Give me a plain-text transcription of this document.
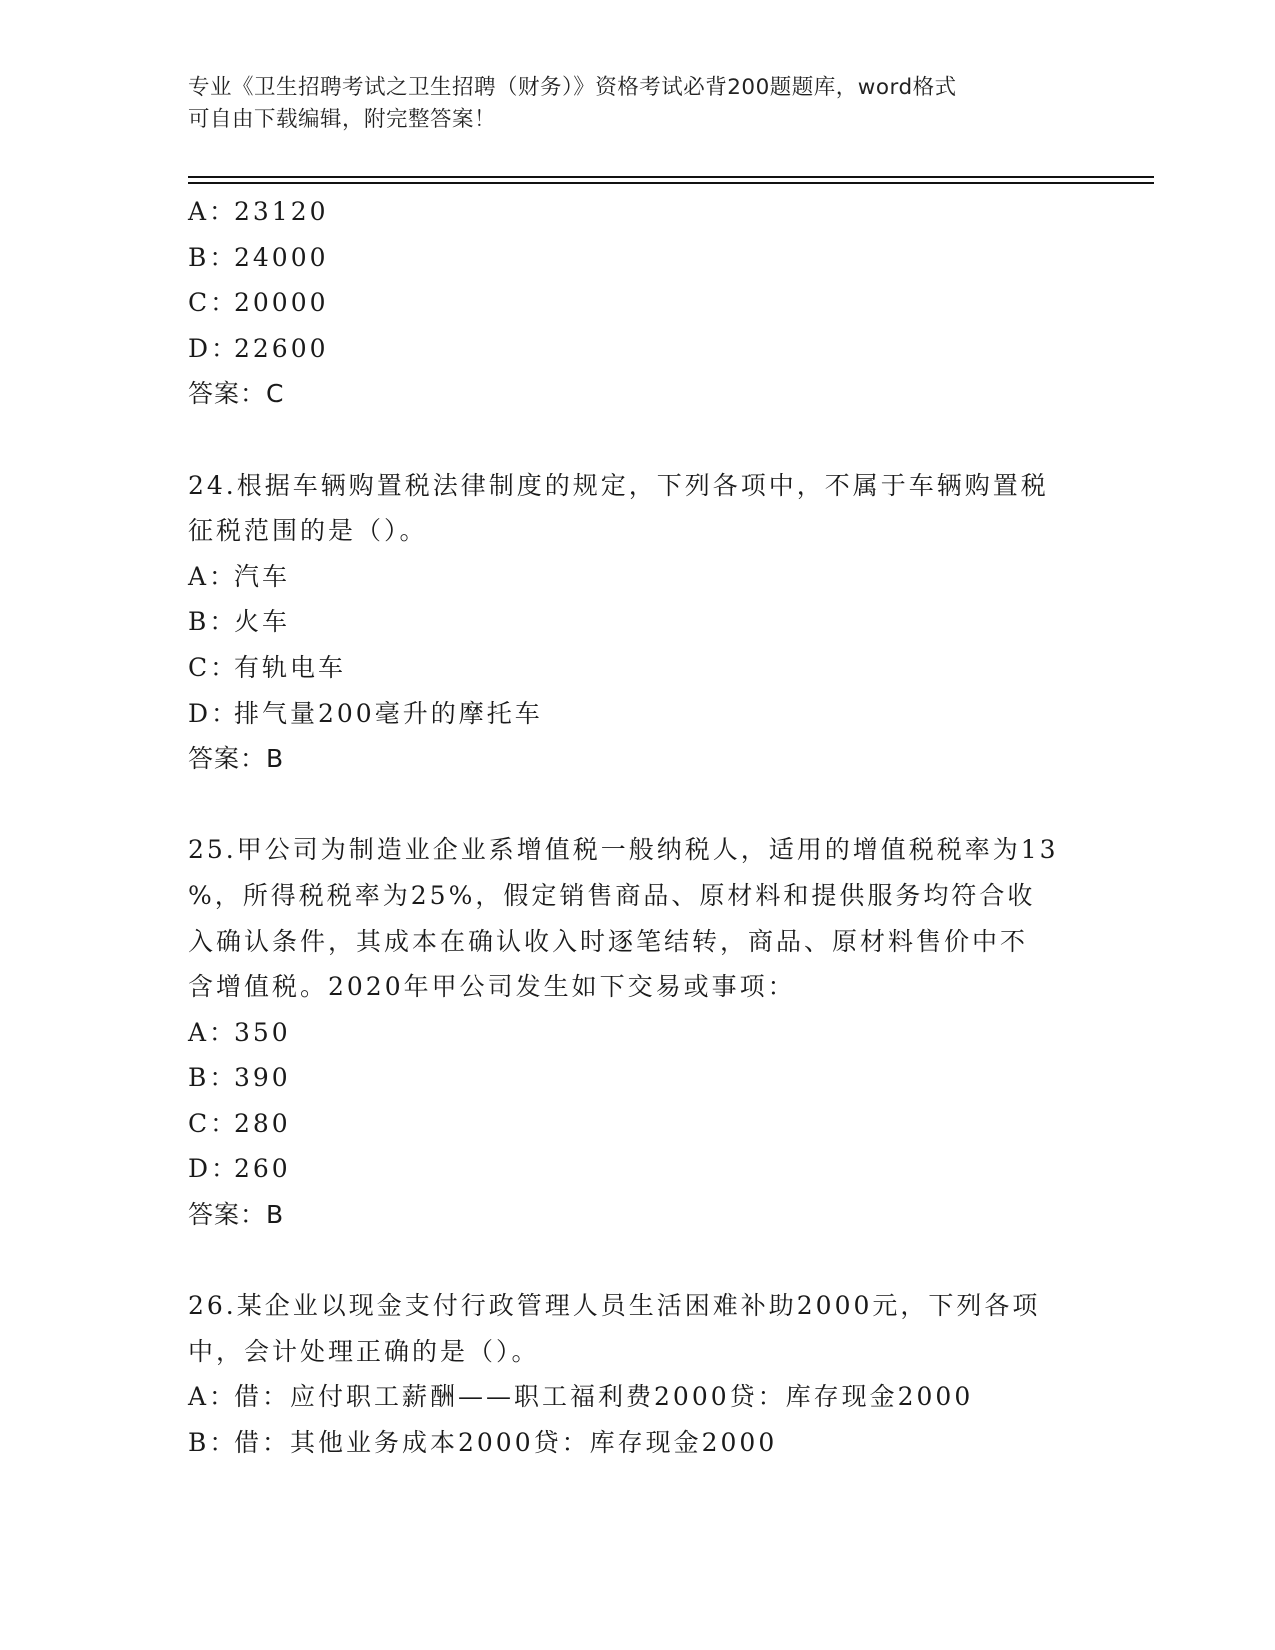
专业《卫生招聘考试之卫生招聘（财务）》资格考试必背200题题库，word格式
可自由下载编辑，附完整答案！
A：23120
B：24000
C：20000
D：22600
答案：C
24.根据车辆购置税法律制度的规定，下列各项中，不属于车辆购置税
征税范围的是（）。
A：汽车
B：火车
C：有轨电车
D：排气量200毫升的摩托车
答案：B
25.甲公司为制造业企业系增值税一般纳税人，适用的增值税税率为13
%，所得税税率为25%，假定销售商品、原材料和提供服务均符合收
入确认条件，其成本在确认收入时逐笔结转，商品、原材料售价中不
含增值税。2020年甲公司发生如下交易或事项：
A：350
B：390
C：280
D：260
答案：B
26.某企业以现金支付行政管理人员生活困难补助2000元，下列各项
中，会计处理正确的是（）。
A：借：应付职工薪酬——职工福利费2000贷：库存现金2000
B：借：其他业务成本2000贷：库存现金2000
